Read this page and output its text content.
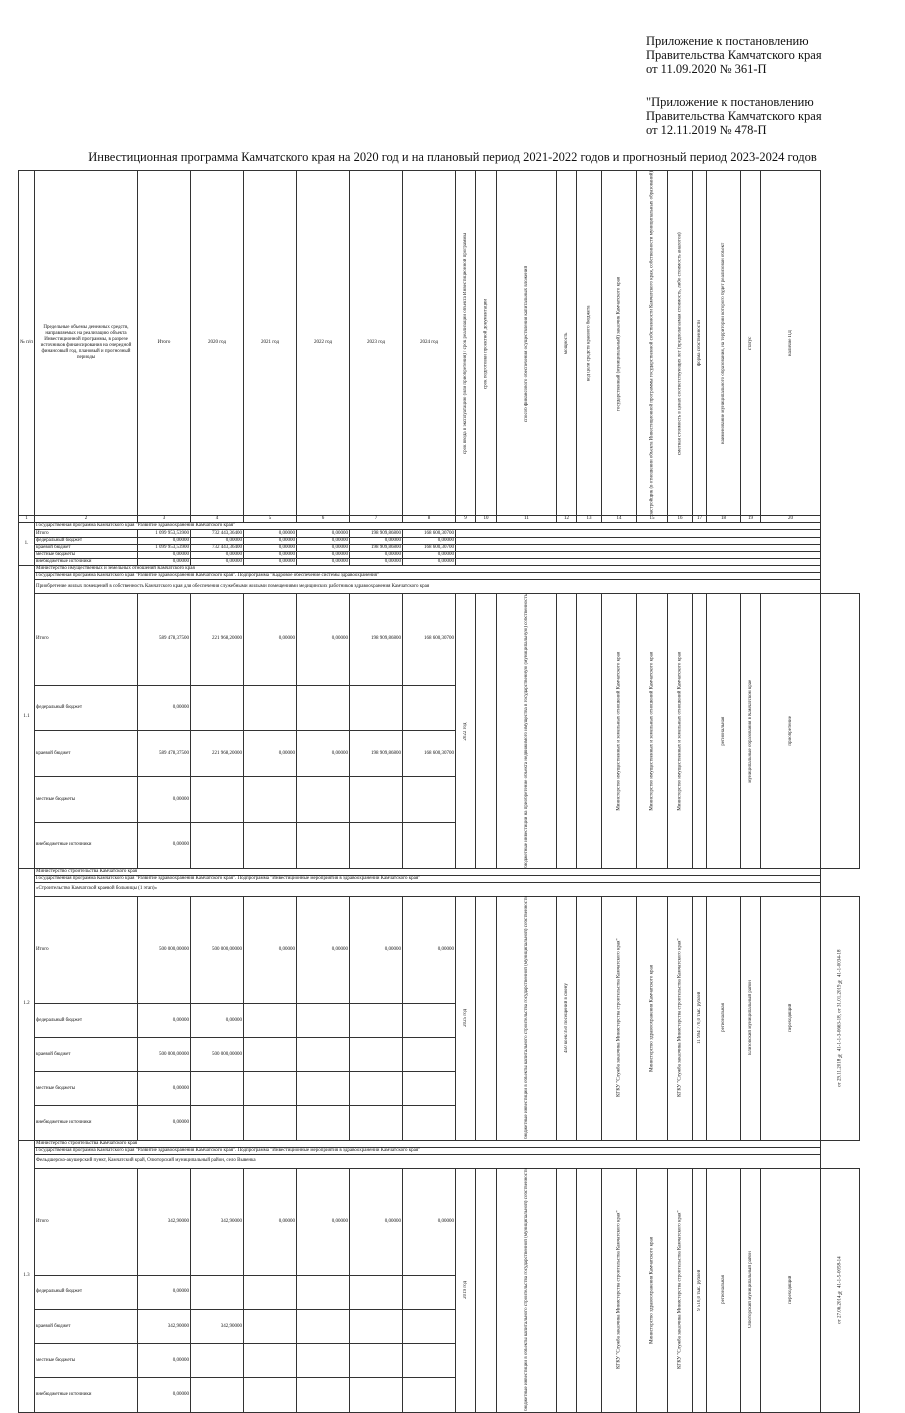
Приложение к постановлению
Правительства Камчатского края
от 11.09.2020 № 361-П
"Приложение к постановлению
Правительства Камчатского края
от 12.11.2019 № 478-П
Инвестиционная программа Камчатского края на 2020 год и на плановый период 2021-2022 годов и прогнозный период 2023-2024 годов
№ п/п	Предельные объемы денежных средств, направляемых на реализацию объекта Инвестиционной программы, в разрезе источников финансирования на очередной финансовый год, плановый и прогнозный периоды	Итого	2020 год	2021 год	2022 год	2023 год	2024 год	срок ввода в эксплуатацию (или приобретения) / срок реализации объекта Инвестиционной программы	срок подготовки проектной документации	способ финансового обеспечения осуществления капитальных вложений	мощность	код цели средств краевого бюджета	государственный (муниципальный) заказчик Камчатского края	застройщик (в отношении объекта Инвестиционной программы государственной собственности Камчатского края, собственности муниципальных образований)	сметная стоимость в ценах соответствующих лет (предполагаемая стоимость, либо стоимость аналогов)	форма собственности	наименование муниципального образования, на территории которого будет реализован объект	статус	наличие ПД	
1	2	3	4	5	6	7	8	9	10	11	12	13	14	15	16	17	18	19	20	
1.	Государственная программа Камчатского края "Развитие здравоохранения Камчатского края"																			
	Итого	1 099 953,53900	732 443,36400	0,00000	0,00000	198 909,86800	168 600,30700													
	федеральный бюджет	0,00000	0,00000	0,00000	0,00000	0,00000	0,00000													
	краевой бюджет	1 099 953,53900	732 443,36400	0,00000	0,00000	198 909,86800	168 600,30700													
	местные бюджеты	0,00000	0,00000	0,00000	0,00000	0,00000	0,00000													
	внебюджетные источники	0,00000	0,00000	0,00000	0,00000	0,00000	0,00000													
1.1	Министерство имущественных и земельных отношений Камчатского края																			
	Государственная программа Камчатского края "Развитие здравоохранения Камчатского края". Подпрограмма "Кадровое обеспечение системы здравоохранения"																			
	Приобретение жилых помещений в собственность Камчатского края для обеспечения служебными жилыми помещениями медицинских работников здравоохранения Камчатского края																			
	Итого	589 478,37500	221 968,20000	0,00000	0,00000	198 909,86800	168 600,30700	2022 год		бюджетные инвестиции на приобретение объекта недвижимого имущества в государственную (муниципальную) собственность			Министерство имущественных и земельных отношений Камчатского края	Министерство имущественных и земельных отношений Камчатского края	Министерство имущественных и земельных отношений Камчатского края		региональная	муниципальные образования в Камчатском крае	приобретение	
	федеральный бюджет	0,00000																		
	краевой бюджет	589 478,37500	221 968,20000	0,00000	0,00000	198 909,86800	168 600,30700													
	местные бюджеты	0,00000																		
	внебюджетные источники	0,00000																		
1.2	Министерство строительства Камчатского края																			
	Государственная программа Камчатского края "Развитие здравоохранения Камчатского края". Подпрограмма "Инвестиционные мероприятия в здравоохранении Камчатского края"																			
	«Строительство Камчатской краевой больницы (1 этап)»																			
	Итого	500 000,00000	500 000,00000	0,00000	0,00000	0,00000	0,00000	2025 год		бюджетные инвестиции в объекты капитального строительства государственной (муниципальной) собственности	450 коек/350 посещений в смену		КГКУ "Служба заказчика Министерства строительства Камчатского края"	Министерство здравоохранения Камчатского края	КГКУ "Служба заказчика Министерства строительства Камчатского края"	11 994 770,0 тыс. рублей	региональная	Елизовский муниципальный район	переходящий	от 29.11.2018 № 41-1-1-3-0663-18, от 31.01.2019 № 41-1-0034-18
	федеральный бюджет	0,00000	0,00000																	
	краевой бюджет	500 000,00000	500 000,00000																	
	местные бюджеты	0,00000																		
	внебюджетные источники	0,00000																		
1.3	Министерство строительства Камчатского края																			
	Государственная программа Камчатского края "Развитие здравоохранения Камчатского края". Подпрограмма "Инвестиционные мероприятия в здравоохранении Камчатского края"																			
	Фельдшерско-акушерский пункт, Камчатский край, Олюторский муниципальный район, село Вывенка																			
	Итого	342,90000	342,90000	0,00000	0,00000	0,00000	0,00000	2019 год		бюджетные инвестиции в объекты капитального строительства государственной (муниципальной) собственности			КГКУ "Служба заказчика Министерства строительства Камчатского края"	Министерство здравоохранения Камчатского края	КГКУ "Служба заказчика Министерства строительства Камчатского края"	9 510,0 тыс. рублей	региональная	Олюторский муниципальный район	переходящий	от 27.06.2014 № 41-1-5-0058-14
	федеральный бюджет	0,00000																		
	краевой бюджет	342,90000	342,90000																	
	местные бюджеты	0,00000																		
	внебюджетные источники	0,00000																		
